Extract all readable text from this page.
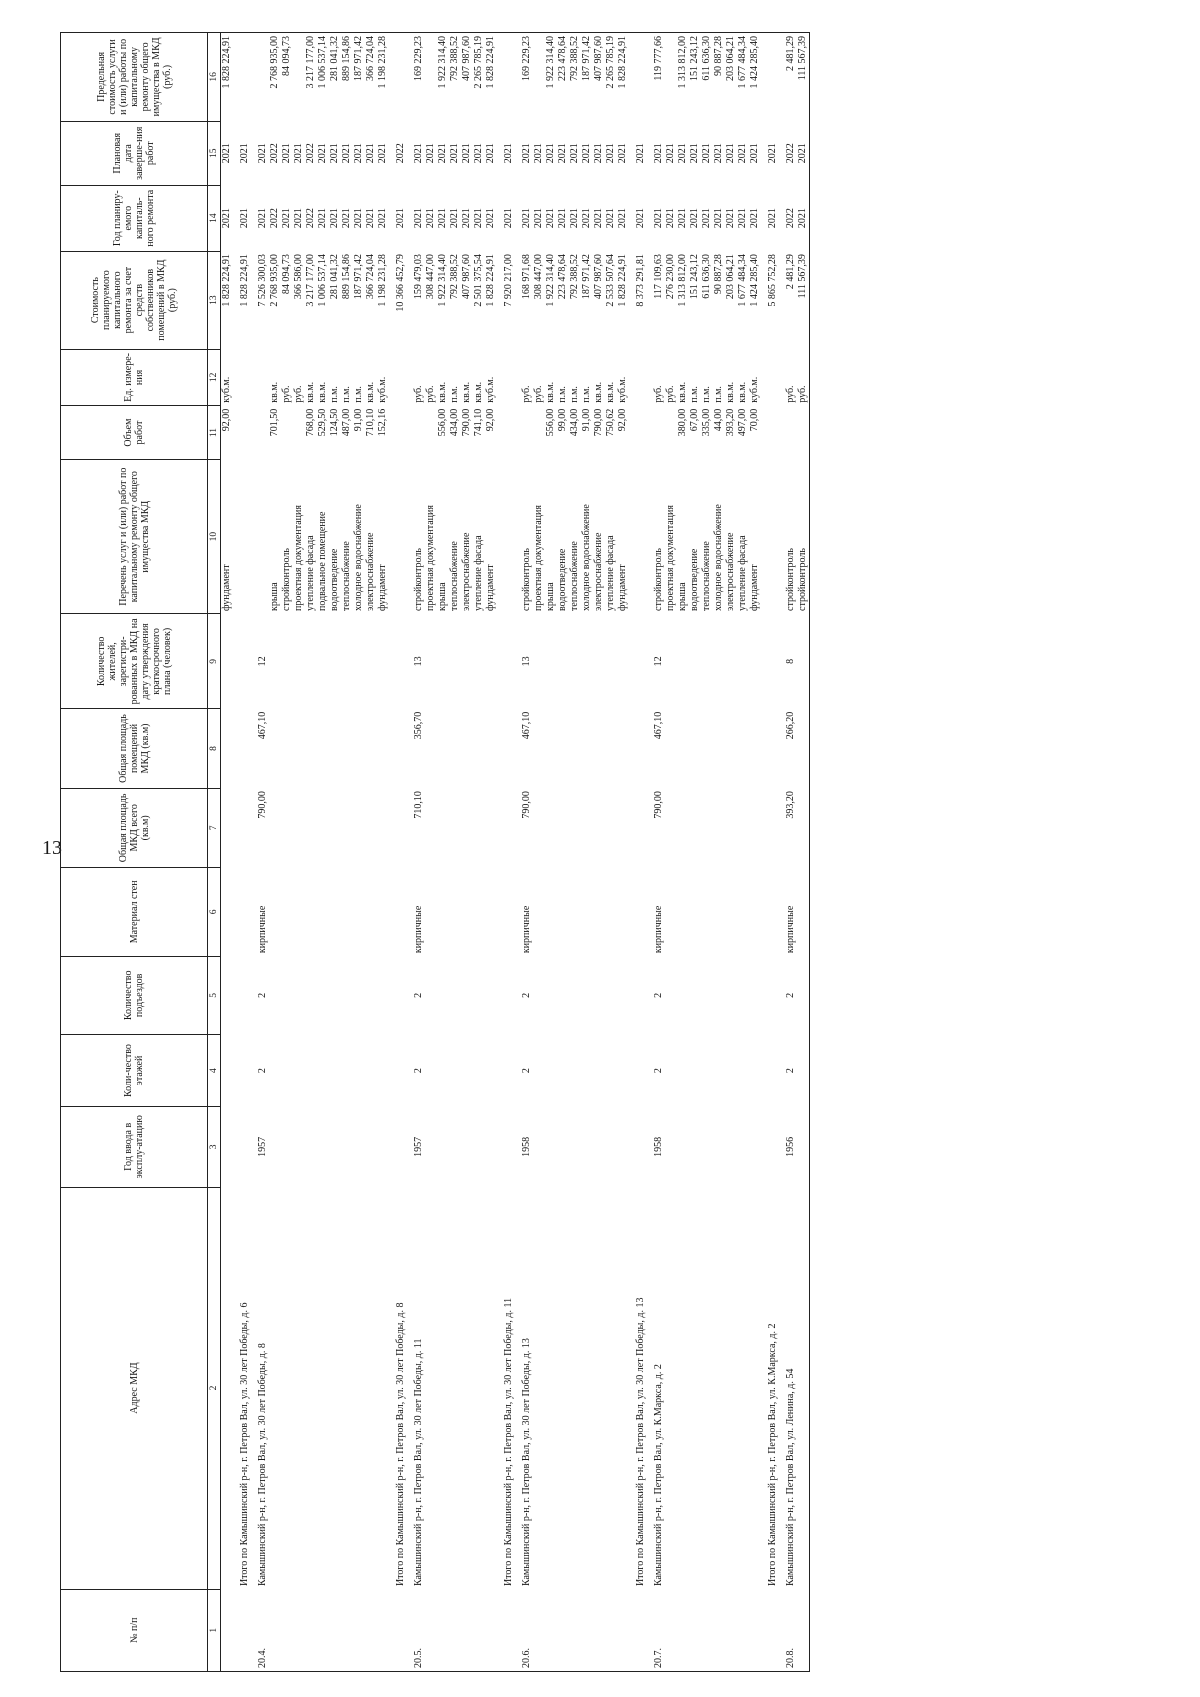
13
№ п/п	Адрес МКД	Год ввода в эксплу-атацию	Коли-чество этажей	Количество подъездов	Материал стен	Общая площадь МКД всего (кв.м)	Общая площадь помещений МКД (кв.м)	Количество жителей, зарегистри-рованных в МКД на дату утверждения краткосрочного плана (человек)	Перечень услуг и (или) работ по капитальному ремонту общего имущества МКД	Объем работ	Ед. измере-ния	Стоимость планируемого капитального ремонта за счет средств собственников помещений в МКД (руб.)	Год планиру-емого капиталь-ного ремонта	Плановая дата заверше-ния работ	Предельная стоимость услуги и (или) работы по капитальному ремонту общего имущества в МКД (руб.)
1	2	3	4	5	6	7	8	9	10	11	12	13	14	15	16
									фундамент	92,00	куб.м.	1 828 224,91	2021	2021	1 828 224,91
	Итого по Камышинский р-н, г. Петров Вал, ул. 30 лет Победы, д. 6											1 828 224,91	2021	2021	
20.4.	Камышинский р-н, г. Петров Вал, ул. 30 лет Победы, д. 8	1957	2	2	кирпичные	790,00	467,10	12				7 526 300,03	2021	2021	
									крыша	701,50	кв.м.	2 768 935,00	2022	2022	2 768 935,00
									стройконтроль		руб.	84 094,73	2021	2021	84 094,73
									проектная документация		руб.	366 586,00	2021	2021	
									утепление фасада	768,00	кв.м.	3 217 177,00	2022	2022	3 217 177,00
									подвальное помещение	529,50	кв.м.	1 006 537,14	2021	2021	1 006 537,14
									водоотведение	124,50	п.м.	281 041,32	2021	2021	281 041,32
									теплоснабжение	487,00	п.м.	889 154,86	2021	2021	889 154,86
									холодное водоснабжение	91,00	п.м.	187 971,42	2021	2021	187 971,42
									электроснабжение	710,10	кв.м.	366 724,04	2021	2021	366 724,04
									фундамент	152,16	куб.м.	1 198 231,28	2021	2021	1 198 231,28
	Итого по Камышинский р-н, г. Петров Вал, ул. 30 лет Победы, д. 8											10 366 452,79	2021	2022	
20.5.	Камышинский р-н, г. Петров Вал, ул. 30 лет Победы, д. 11	1957	2	2	кирпичные	710,10	356,70	13	стройконтроль		руб.	159 479,03	2021	2021	169 229,23
									проектная документация		руб.	308 447,00	2021	2021	
									крыша	556,00	кв.м.	1 922 314,40	2021	2021	1 922 314,40
									теплоснабжение	434,00	п.м.	792 388,52	2021	2021	792 388,52
									электроснабжение	790,00	кв.м.	407 987,60	2021	2021	407 987,60
									утепление фасада	741,10	кв.м.	2 501 375,54	2021	2021	2 265 785,19
									фундамент	92,00	куб.м.	1 828 224,91	2021	2021	1 828 224,91
	Итого по Камышинский р-н, г. Петров Вал, ул. 30 лет Победы, д. 11											7 920 217,00	2021	2021	
20.6.	Камышинский р-н, г. Петров Вал, ул. 30 лет Победы, д. 13	1958	2	2	кирпичные	790,00	467,10	13	стройконтроль		руб.	168 971,68	2021	2021	169 229,23
									проектная документация		руб.	308 447,00	2021	2021	
									крыша	556,00	кв.м.	1 922 314,40	2021	2021	1 922 314,40
									водоотведение	99,00	п.м.	223 478,64	2021	2021	223 478,64
									теплоснабжение	434,00	п.м.	792 388,52	2021	2021	792 388,52
									холодное водоснабжение	91,00	п.м.	187 971,42	2021	2021	187 971,42
									электроснабжение	790,00	кв.м.	407 987,60	2021	2021	407 987,60
									утепление фасада	750,62	кв.м.	2 533 507,64	2021	2021	2 265 785,19
									фундамент	92,00	куб.м.	1 828 224,91	2021	2021	1 828 224,91
	Итого по Камышинский р-н, г. Петров Вал, ул. 30 лет Победы, д. 13											8 373 291,81	2021	2021	
20.7.	Камышинский р-н, г. Петров Вал, ул. К.Маркса, д. 2	1958	2	2	кирпичные	790,00	467,10	12	стройконтроль		руб.	117 109,63	2021	2021	119 777,66
									проектная документация		руб.	276 230,00	2021	2021	
									крыша	380,00	кв.м.	1 313 812,00	2021	2021	1 313 812,00
									водоотведение	67,00	п.м.	151 243,12	2021	2021	151 243,12
									теплоснабжение	335,00	п.м.	611 636,30	2021	2021	611 636,30
									холодное водоснабжение	44,00	п.м.	90 887,28	2021	2021	90 887,28
									электроснабжение	393,20	кв.м.	203 064,21	2021	2021	203 064,21
									утепление фасада	497,00	кв.м.	1 677 484,34	2021	2021	1 677 484,34
									фундамент	70,00	куб.м.	1 424 285,40	2021	2021	1 424 285,40
	Итого по Камышинский р-н, г. Петров Вал, ул. К.Маркса, д. 2											5 865 752,28	2021	2021	
20.8.	Камышинский р-н, г. Петров Вал, ул. Ленина, д. 54	1956	2	2	кирпичные	393,20	266,20	8	стройконтроль		руб.	2 481,29	2022	2022	2 481,29
									стройконтроль		руб.	111 567,39	2021	2021	111 567,39
